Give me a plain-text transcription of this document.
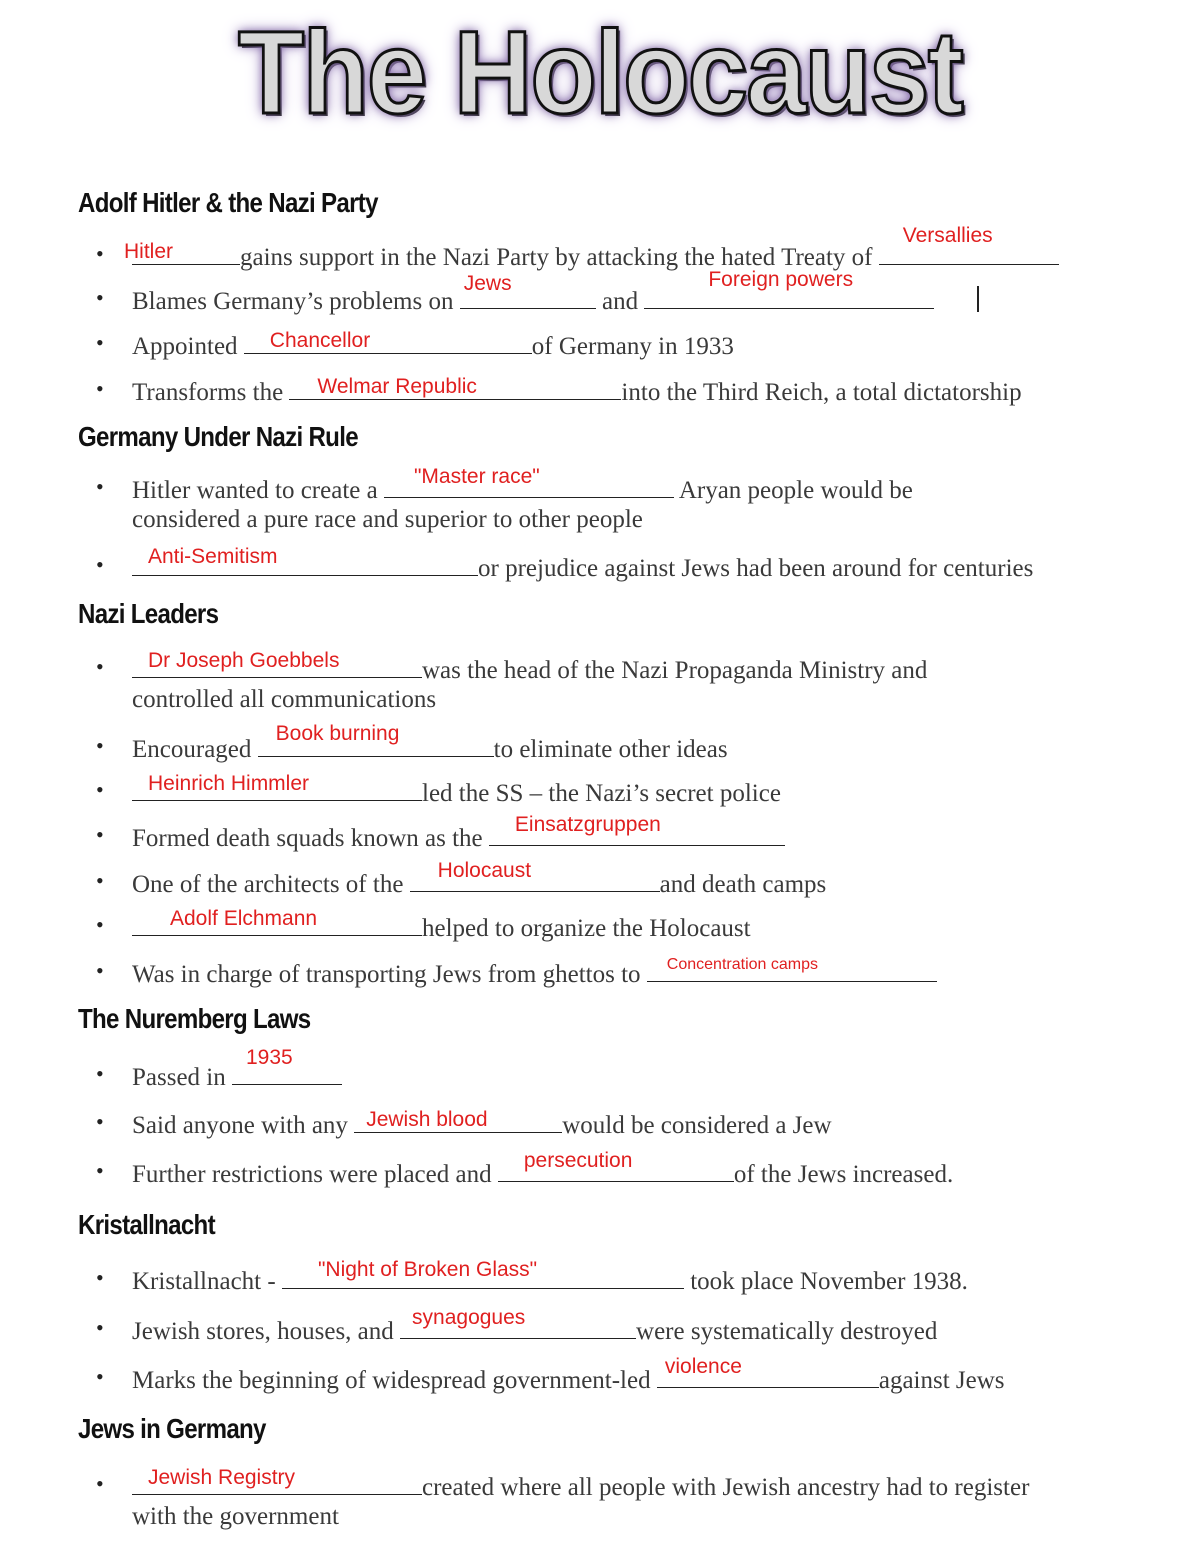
The Holocaust
Adolf Hitler & the Nazi Party
• Hitler	gains support in the Nazi Party by attacking the hated Treaty of
Versallies
• Blames Germany’s problems on
Jews
and
Foreign powers
• Appointed Chancellor	of Germany in 1933
• Transforms the Welmar Republic	into the Third Reich, a total dictatorship
Germany Under Nazi Rule
• Hitler wanted to create a
"Master race"
Aryan people would be
considered a pure race and superior to other people
• Anti-Semitism	or prejudice against Jews had been around for centuries
Nazi Leaders
• Dr Joseph Goebbels	was the head of the Nazi Propaganda Ministry and
controlled all communications
• Encouraged
Book burning
to eliminate other ideas
• Heinrich Himmler	led the SS – the Nazi’s secret police
• Formed death squads known as the
Einsatzgruppen
• One of the architects of the
Holocaust
and death camps
•	Adolf Elchmann	helped to organize the Holocaust
• Was in charge of transporting Jews from ghettos to Concentration camps
The Nuremberg Laws
• Passed in
1935
• Said anyone with any Jewish blood	would be considered a Jew
• Further restrictions were placed and
persecution
of the Jews increased.
Kristallnacht
• Kristallnacht - "Night of Broken Glass"	took place November 1938.
• Jewish stores, houses, and
synagogues
were systematically destroyed
• Marks the beginning of widespread government-led
violence
against Jews
Jews in Germany
• Jewish Registry	created where all people with Jewish ancestry had to register
with the government
